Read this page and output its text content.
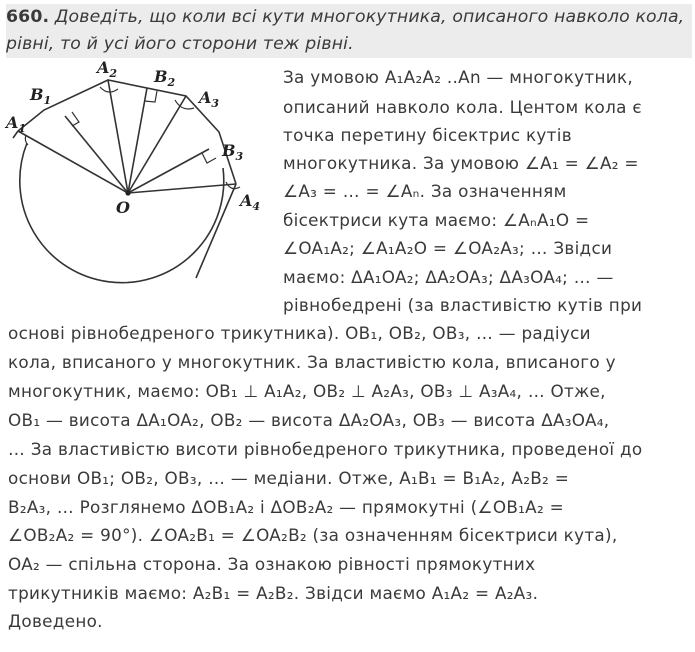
660. Доведіть, що коли всі кути многокутника, описаного навколо кола, рівні, то й усі його сторони теж рівні.
$A_1$
$B_1$
$A_2$ $B_2$
$A_3$
$B_3$
$A_4$
O
За умовою A₁A₂A₂ ..An — многокутник,
описаний навколо кола. Центом кола є
точка перетину бісектрис кутів
многокутника. За умовою ∠A₁ = ∠A₂ =
∠A₃ = … = ∠Aₙ. За означенням
бісектриси кута маємо: ∠AₙA₁O =
∠OA₁A₂; ∠A₁A₂O = ∠OA₂A₃; … Звідси
маємо: ΔA₁OA₂; ΔA₂OA₃; ΔA₃OA₄; … —
рівнобедрені (за властивістю кутів при
основі рівнобедреного трикутника). OB₁, OB₂, OB₃, … — радіуси
кола, вписаного у многокутник. За властивістю кола, вписаного у
многокутник, маємо: OB₁ ⊥ A₁A₂, OB₂ ⊥ A₂A₃, OB₃ ⊥ A₃A₄, … Отже,
OB₁ — висота ΔA₁OA₂, OB₂ — висота ΔA₂OA₃, OB₃ — висота ΔA₃OA₄,
… За властивістю висоти рівнобедреного трикутника, проведеної до
основи OB₁; OB₂, OB₃, … — медіани. Отже, A₁B₁ = B₁A₂, A₂B₂ =
B₂A₃, … Розглянемо ΔOB₁A₂ і ΔOB₂A₂ — прямокутні (∠OB₁A₂ =
∠OB₂A₂ = 90°). ∠OA₂B₁ = ∠OA₂B₂ (за означенням бісектриси кута),
OA₂ — спільна сторона. За ознакою рівності прямокутних
трикутників маємо: A₂B₁ = A₂B₂. Звідси маємо A₁A₂ = A₂A₃.
Доведено.
